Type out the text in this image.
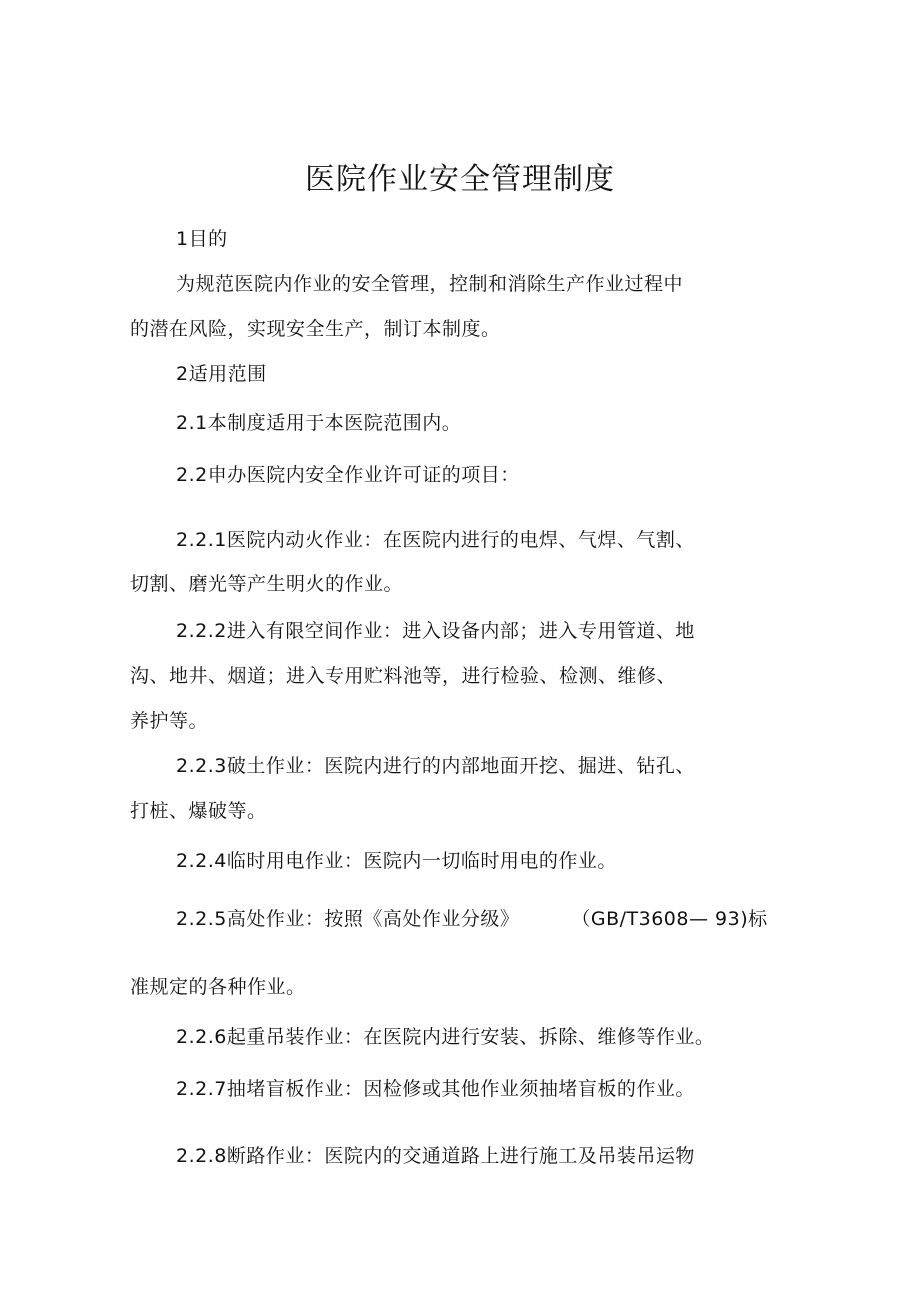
医院作业安全管理制度
1目的
为规范医院内作业的安全管理，控制和消除生产作业过程中
的潜在风险，实现安全生产，制订本制度。
2适用范围
2.1本制度适用于本医院范围内。
2.2申办医院内安全作业许可证的项目：
2.2.1医院内动火作业：在医院内进行的电焊、气焊、气割、
切割、磨光等产生明火的作业。
2.2.2进入有限空间作业：进入设备内部；进入专用管道、地
沟、地井、烟道；进入专用贮料池等，进行检验、检测、维修、
养护等。
2.2.3破土作业：医院内进行的内部地面开挖、掘进、钻孔、
打桩、爆破等。
2.2.4临时用电作业：医院内一切临时用电的作业。
2.2.5高处作业：按照《高处作业分级》	（GB/T3608— 93)标
准规定的各种作业。
2.2.6起重吊装作业：在医院内进行安装、拆除、维修等作业。
2.2.7抽堵盲板作业：因检修或其他作业须抽堵盲板的作业。
2.2.8断路作业：医院内的交通道路上进行施工及吊装吊运物
